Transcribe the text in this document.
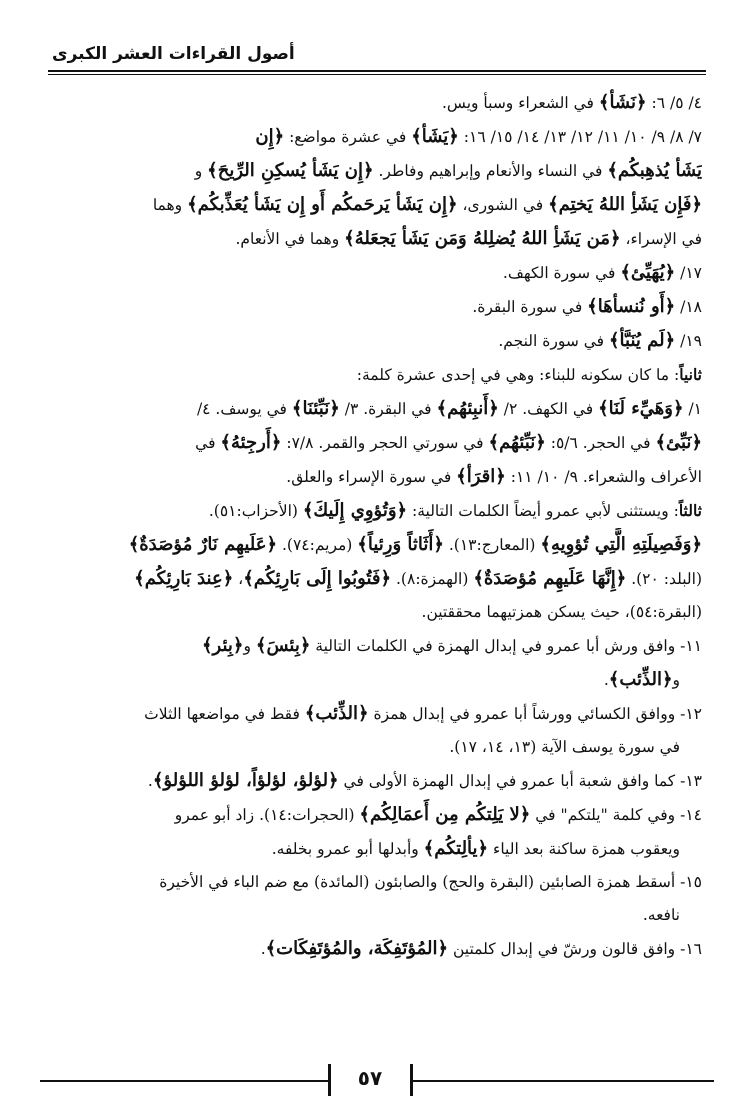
أصول القراءات العشر الكبرى
٤/ ٥/ ٦: ﴿نَشَأ﴾ في الشعراء وسبأ ويس.
٧/ ٨/ ٩/ ١٠/ ١١/ ١٢/ ١٣/ ١٤/ ١٥/ ١٦: ﴿يَشَأ﴾ في عشرة مواضع: ﴿إِن
يَشَأ يُذهِبكُم﴾ في النساء والأنعام وإبراهيم وفاطر. ﴿إِن يَشَأ يُسكِنِ الرِّيحَ﴾ و
﴿فَإِن يَشَأِ اللهُ يَختِم﴾ في الشورى، ﴿إِن يَشَأ يَرحَمكُم أَو إِن يَشَأ يُعَذِّبكُم﴾ وهما
في الإسراء، ﴿مَن يَشَأِ اللهُ يُضلِلهُ وَمَن يَشَأ يَجعَلهُ﴾ وهما في الأنعام.
١٧/ ﴿يُهَيِّئ﴾ في سورة الكهف.
١٨/ ﴿أَو نُنسأهَا﴾ في سورة البقرة.
١٩/ ﴿لَم يُنَبَّأ﴾ في سورة النجم.
ثانياً: ما كان سكونه للبناء: وهي في إحدى عشرة كلمة:
١/ ﴿وَهَيِّء لَنَا﴾ في الكهف. ٢/ ﴿أَنبِئهُم﴾ في البقرة. ٣/ ﴿نَبِّئنَا﴾ في يوسف. ٤/
﴿نَبِّئ﴾ في الحجر. ٥/٦: ﴿نَبِّئهُم﴾ في سورتي الحجر والقمر. ٧/٨: ﴿أَرجِئهُ﴾ في
الأعراف والشعراء. ٩/ ١٠/ ١١: ﴿اقرَأ﴾ في سورة الإسراء والعلق.
ثالثاً: ويستثنى لأبي عمرو أيضاً الكلمات التالية: ﴿وَتُؤوِي إِلَيكَ﴾ (الأحزاب:٥١).
﴿وَفَصِيلَتِهِ الَّتِي تُؤوِيهِ﴾ (المعارج:١٣). ﴿أَثَاثاً وَرِئياً﴾ (مريم:٧٤). ﴿عَلَيهِم نَارٌ مُؤصَدَةٌ﴾
(البلد: ٢٠). ﴿إِنَّهَا عَلَيهِم مُؤصَدَةٌ﴾ (الهمزة:٨). ﴿فَتُوبُوا إِلَى بَارِئِكُم﴾، ﴿عِندَ بَارِئِكُم﴾
(البقرة:٥٤)، حيث يسكن همزتيهما محققتين.
١١- وافق ورش أبا عمرو في إبدال الهمزة في الكلمات التالية ﴿بِئسَ﴾ و﴿بِئر﴾
و﴿الذِّئب﴾.
١٢- ووافق الكسائي وورشاً أبا عمرو في إبدال همزة ﴿الذِّئب﴾ فقط في مواضعها الثلاث
في سورة يوسف الآية (١٣، ١٤، ١٧).
١٣- كما وافق شعبة أبا عمرو في إبدال الهمزة الأولى في ﴿لؤلؤ، لؤلؤاً، لؤلؤ اللؤلؤ﴾.
١٤- وفي كلمة "يلتكم" في ﴿لا يَلِتكُم مِن أَعمَالِكُم﴾ (الحجرات:١٤). زاد أبو عمرو
ويعقوب همزة ساكنة بعد الياء ﴿يألِتكُم﴾ وأبدلها أبو عمرو بخلفه.
١٥- أسقط همزة الصابئين (البقرة والحج) والصابئون (المائدة) مع ضم الباء في الأخيرة
نافعه.
١٦- وافق قالون ورشّ في إبدال كلمتين ﴿المُؤتَفِكَة، والمُؤتَفِكَات﴾.
٥٧
